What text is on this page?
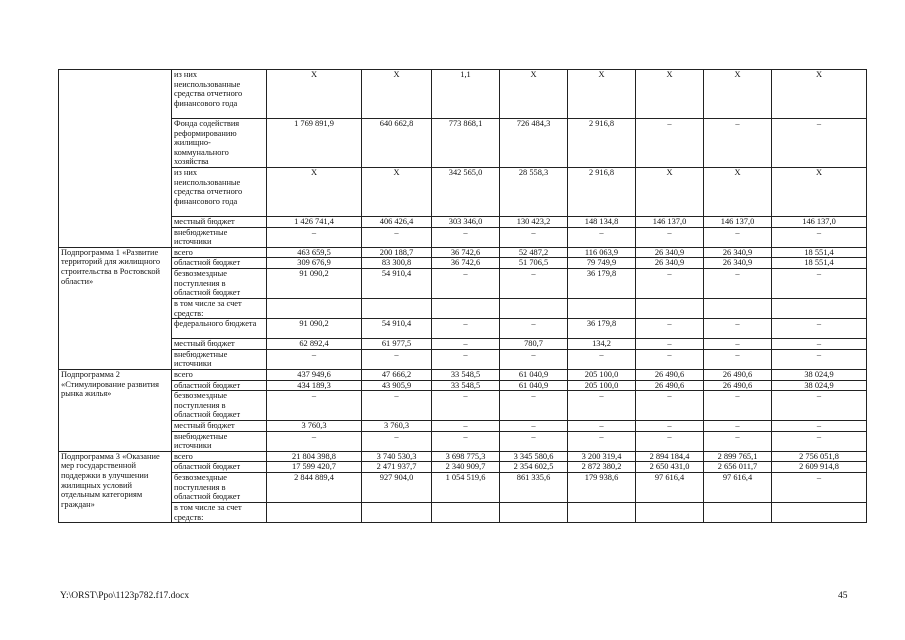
	из них неиспользованные средства отчетного финансового года	Х	Х	1,1	Х	Х	Х	Х	Х
	Фонда содействия реформированию жилищно-коммунального хозяйства	1 769 891,9	640 662,8	773 868,1	726 484,3	2 916,8	–	–	–
	из них неиспользованные средства отчетного финансового года	Х	Х	342 565,0	28 558,3	2 916,8	Х	Х	Х
	местный бюджет	1 426 741,4	406 426,4	303 346,0	130 423,2	148 134,8	146 137,0	146 137,0	146 137,0
	внебюджетные источники	–	–	–	–	–	–	–	–
Подпрограмма 1 «Развитие территорий для жилищного строительства в Ростовской области»	всего	463 659,5	200 188,7	36 742,6	52 487,2	116 063,9	26 340,9	26 340,9	18 551,4
	областной бюджет	309 676,9	83 300,8	36 742,6	51 706,5	79 749,9	26 340,9	26 340,9	18 551,4
	безвозмездные поступления в областной бюджет	91 090,2	54 910,4	–	–	36 179,8	–	–	–
	в том числе за счет средств:								
	федерального бюджета	91 090,2	54 910,4	–	–	36 179,8	–	–	–
	местный бюджет	62 892,4	61 977,5	–	780,7	134,2	–	–	–
	внебюджетные источники	–	–	–	–	–	–	–	–
Подпрограмма 2 «Стимулирование развития рынка жилья»	всего	437 949,6	47 666,2	33 548,5	61 040,9	205 100,0	26 490,6	26 490,6	38 024,9
	областной бюджет	434 189,3	43 905,9	33 548,5	61 040,9	205 100,0	26 490,6	26 490,6	38 024,9
	безвозмездные поступления в областной бюджет	–	–	–	–	–	–	–	–
	местный бюджет	3 760,3	3 760,3	–	–	–	–	–	–
	внебюджетные источники	–	–	–	–	–	–	–	–
Подпрограмма 3 «Оказание мер государственной поддержки в улучшении жилищных условий отдельным категориям граждан»	всего	21 804 398,8	3 740 530,3	3 698 775,3	3 345 580,6	3 200 319,4	2 894 184,4	2 899 765,1	2 756 051,8
	областной бюджет	17 599 420,7	2 471 937,7	2 340 909,7	2 354 602,5	2 872 380,2	2 650 431,0	2 656 011,7	2 609 914,8
	безвозмездные поступления в областной бюджет	2 844 889,4	927 904,0	1 054 519,6	861 335,6	179 938,6	97 616,4	97 616,4	–
	в том числе за счет средств:								
Y:\ORST\Ppo\1123p782.f17.docx	45
